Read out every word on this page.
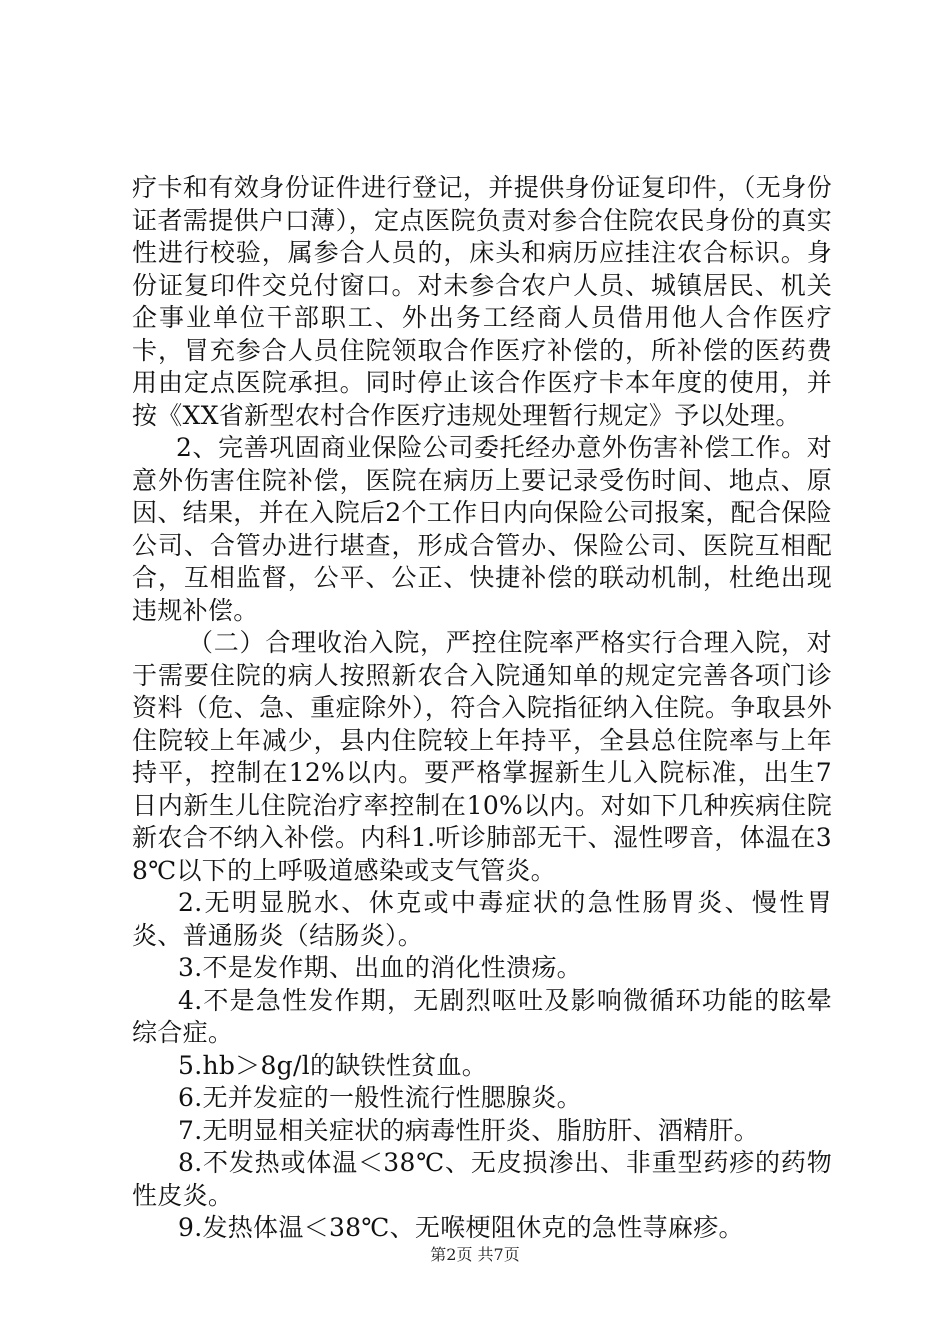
疗卡和有效身份证件进行登记，并提供身份证复印件，（无身份证者需提供户口薄），定点医院负责对参合住院农民身份的真实性进行校验，属参合人员的，床头和病历应挂注农合标识。身份证复印件交兑付窗口。对未参合农户人员、城镇居民、机关企事业单位干部职工、外出务工经商人员借用他人合作医疗卡，冒充参合人员住院领取合作医疗补偿的，所补偿的医药费用由定点医院承担。同时停止该合作医疗卡本年度的使用，并按《XX省新型农村合作医疗违规处理暂行规定》予以处理。

2、完善巩固商业保险公司委托经办意外伤害补偿工作。对意外伤害住院补偿，医院在病历上要记录受伤时间、地点、原因、结果，并在入院后2个工作日内向保险公司报案，配合保险公司、合管办进行堪查，形成合管办、保险公司、医院互相配合，互相监督，公平、公正、快捷补偿的联动机制，杜绝出现违规补偿。

（二）合理收治入院，严控住院率严格实行合理入院，对于需要住院的病人按照新农合入院通知单的规定完善各项门诊资料（危、急、重症除外），符合入院指征纳入住院。争取县外住院较上年减少，县内住院较上年持平，全县总住院率与上年持平，控制在12%以内。要严格掌握新生儿入院标准，出生7日内新生儿住院治疗率控制在10%以内。对如下几种疾病住院新农合不纳入补偿。内科1.听诊肺部无干、湿性啰音，体温在38℃以下的上呼吸道感染或支气管炎。

2.无明显脱水、休克或中毒症状的急性肠胃炎、慢性胃炎、普通肠炎（结肠炎）。

3.不是发作期、出血的消化性溃疡。

4.不是急性发作期，无剧烈呕吐及影响微循环功能的眩晕综合症。

5.hb＞8g/l的缺铁性贫血。

6.无并发症的一般性流行性腮腺炎。

7.无明显相关症状的病毒性肝炎、脂肪肝、酒精肝。

8.不发热或体温＜38℃、无皮损渗出、非重型药疹的药物性皮炎。

9.发热体温＜38℃、无喉梗阻休克的急性荨麻疹。

第2页 共7页
